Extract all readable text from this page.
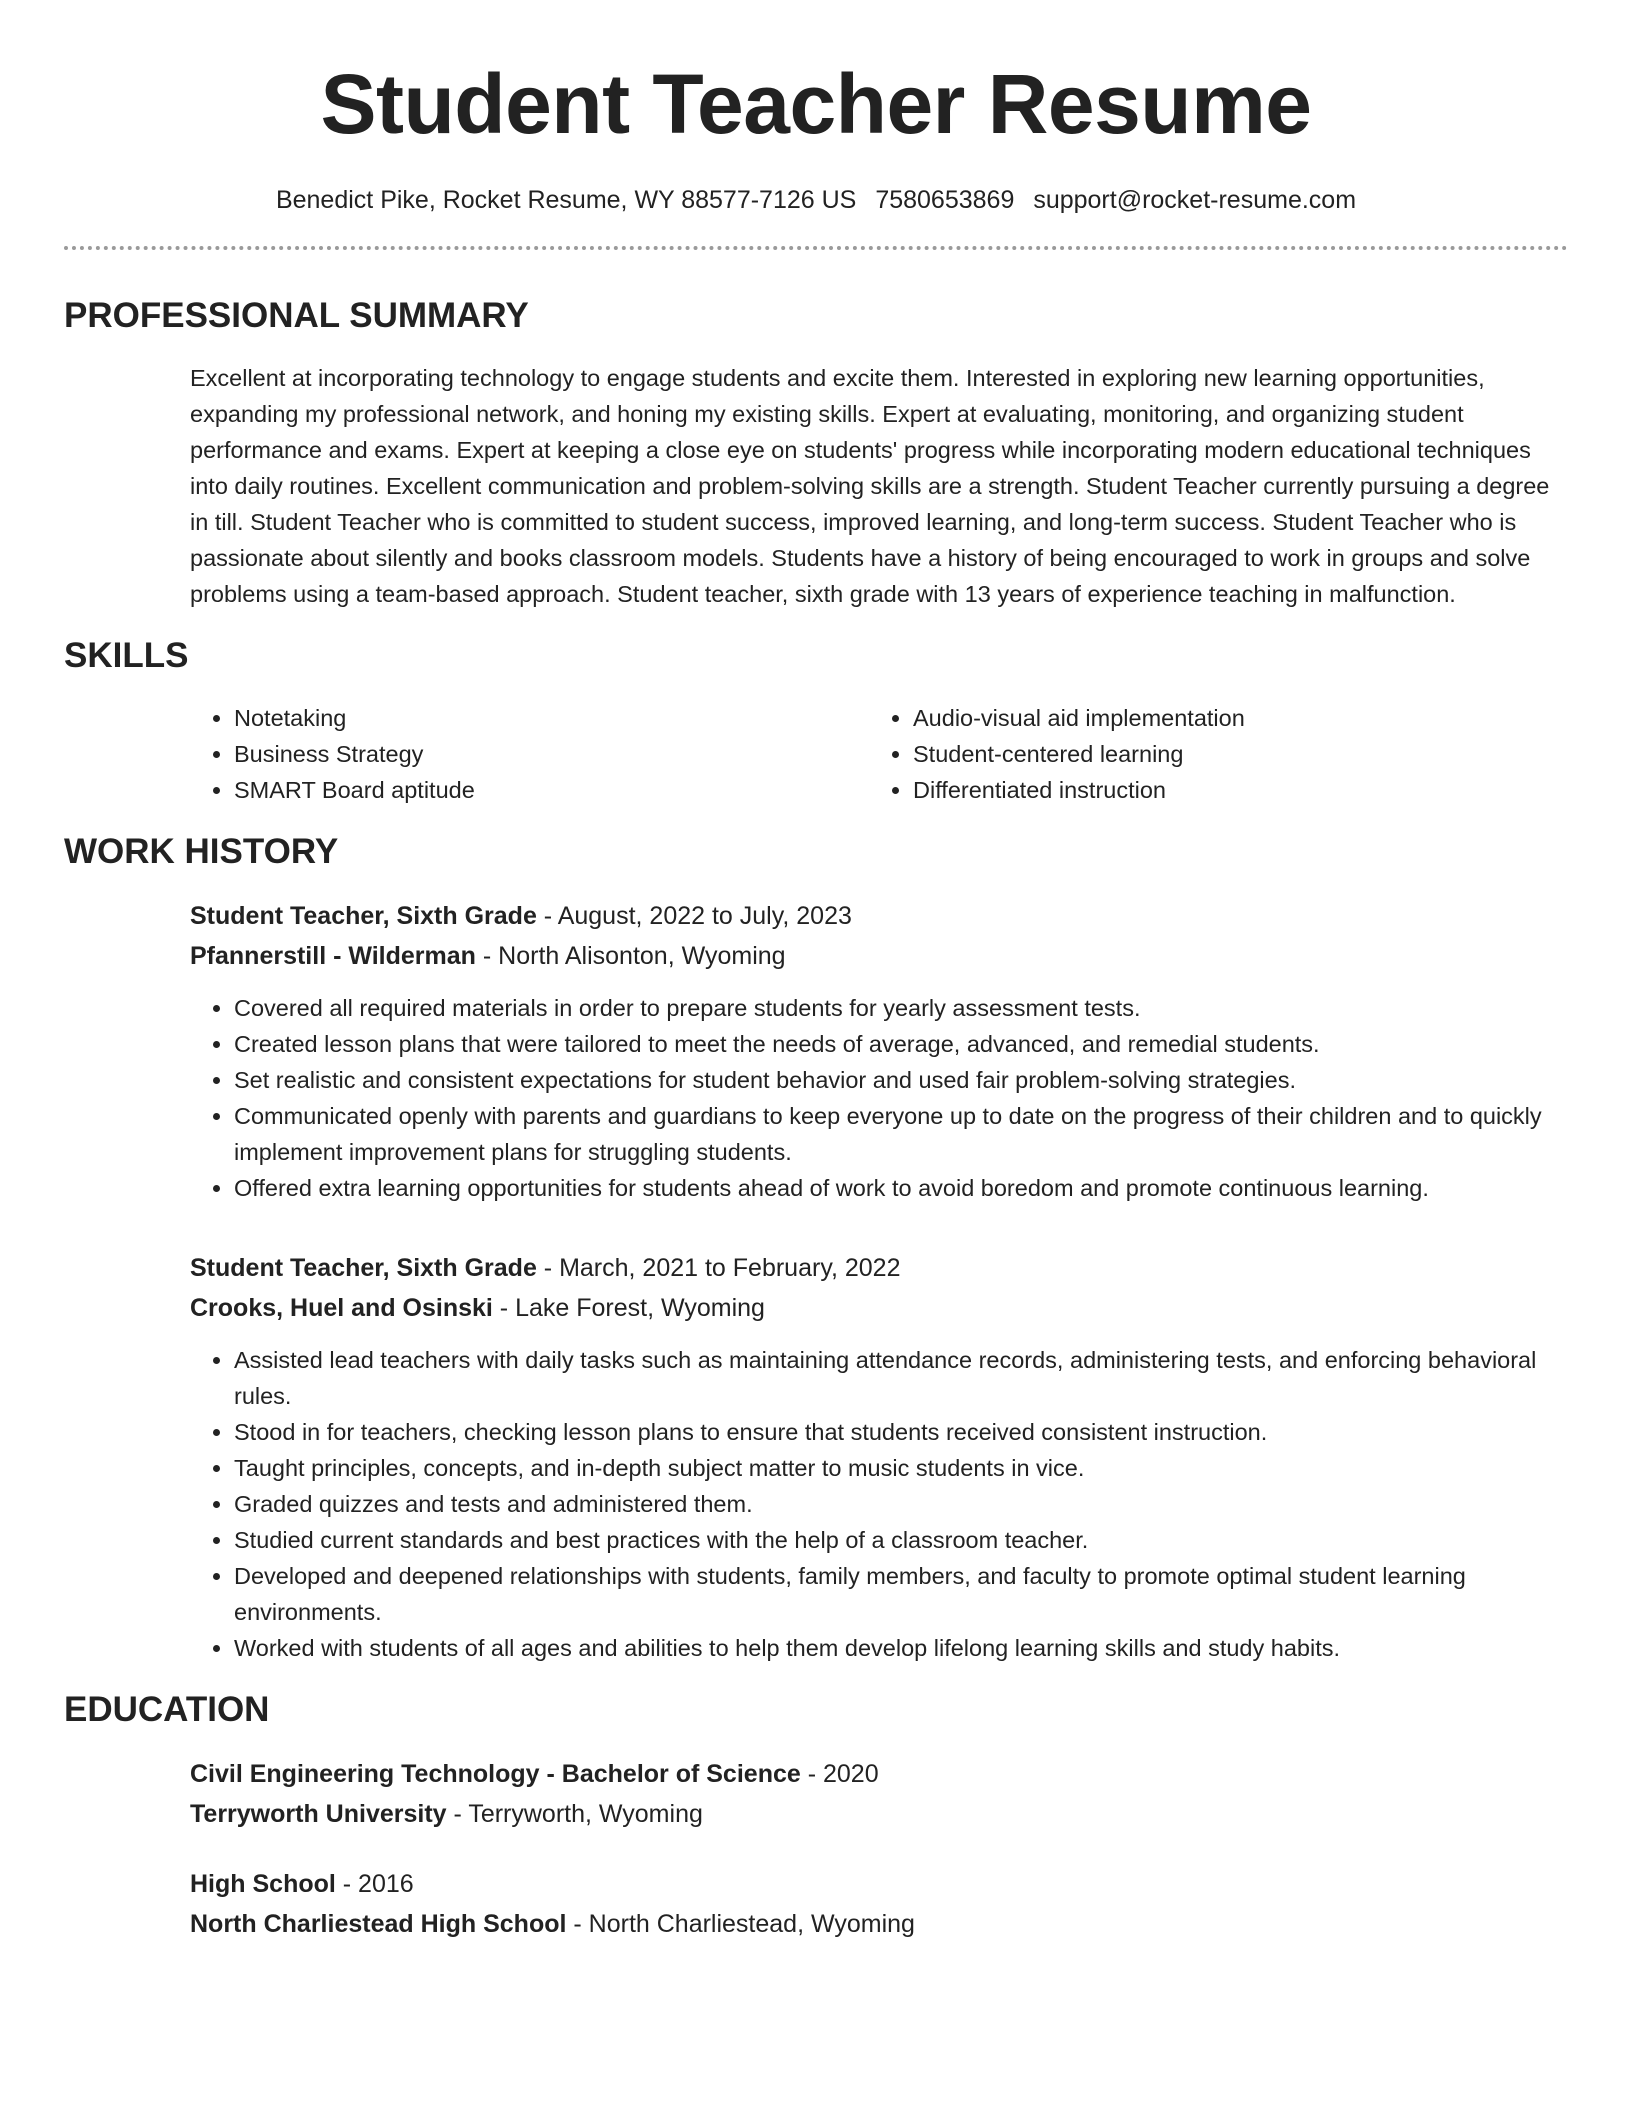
Student Teacher Resume
Benedict Pike, Rocket Resume, WY 88577-7126 US 7580653869 support@rocket-resume.com
PROFESSIONAL SUMMARY
Excellent at incorporating technology to engage students and excite them. Interested in exploring new learning opportunities, expanding my professional network, and honing my existing skills. Expert at evaluating, monitoring, and organizing student performance and exams. Expert at keeping a close eye on students' progress while incorporating modern educational techniques into daily routines. Excellent communication and problem-solving skills are a strength. Student Teacher currently pursuing a degree in till. Student Teacher who is committed to student success, improved learning, and long-term success. Student Teacher who is passionate about silently and books classroom models. Students have a history of being encouraged to work in groups and solve problems using a team-based approach. Student teacher, sixth grade with 13 years of experience teaching in malfunction.
SKILLS
• Notetaking
• Business Strategy
• SMART Board aptitude
• Audio-visual aid implementation
• Student-centered learning
• Differentiated instruction
WORK HISTORY
Student Teacher, Sixth Grade - August, 2022 to July, 2023
Pfannerstill - Wilderman - North Alisonton, Wyoming
• Covered all required materials in order to prepare students for yearly assessment tests.
• Created lesson plans that were tailored to meet the needs of average, advanced, and remedial students.
• Set realistic and consistent expectations for student behavior and used fair problem-solving strategies.
• Communicated openly with parents and guardians to keep everyone up to date on the progress of their children and to quickly implement improvement plans for struggling students.
• Offered extra learning opportunities for students ahead of work to avoid boredom and promote continuous learning.
Student Teacher, Sixth Grade - March, 2021 to February, 2022
Crooks, Huel and Osinski - Lake Forest, Wyoming
• Assisted lead teachers with daily tasks such as maintaining attendance records, administering tests, and enforcing behavioral rules.
• Stood in for teachers, checking lesson plans to ensure that students received consistent instruction.
• Taught principles, concepts, and in-depth subject matter to music students in vice.
• Graded quizzes and tests and administered them.
• Studied current standards and best practices with the help of a classroom teacher.
• Developed and deepened relationships with students, family members, and faculty to promote optimal student learning environments.
• Worked with students of all ages and abilities to help them develop lifelong learning skills and study habits.
EDUCATION
Civil Engineering Technology - Bachelor of Science - 2020
Terryworth University - Terryworth, Wyoming
High School - 2016
North Charliestead High School - North Charliestead, Wyoming
